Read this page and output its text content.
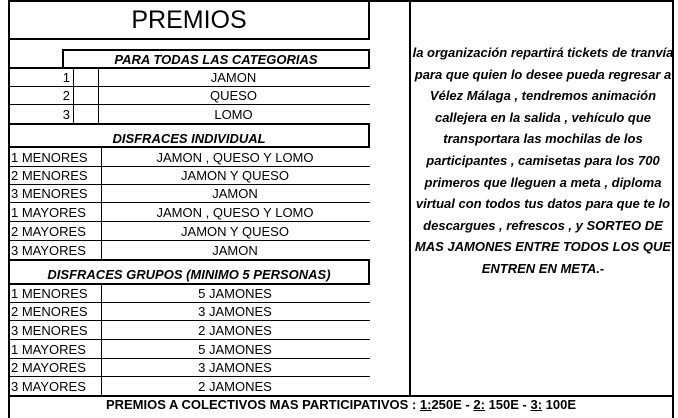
PREMIOS
PARA TODAS LAS CATEGORIAS
1	JAMON
2	QUESO
3	LOMO
DISFRACES INDIVIDUAL
1 MENORES	JAMON , QUESO Y LOMO
2 MENORES	JAMON Y QUESO
3 MENORES	JAMON
1 MAYORES	JAMON , QUESO Y LOMO
2 MAYORES	JAMON Y QUESO
3 MAYORES	JAMON
DISFRACES GRUPOS (MINIMO 5 PERSONAS)
1 MENORES	5 JAMONES
2 MENORES	3 JAMONES
3 MENORES	2 JAMONES
1 MAYORES	5 JAMONES
2 MAYORES	3 JAMONES
3 MAYORES	2 JAMONES
la organización repartirá tickets de tranvía para que quien lo desee pueda regresar a Vélez Málaga , tendremos animación callejera en la salida , vehículo que transportara las mochilas de los participantes , camisetas para los 700 primeros que lleguen a meta , diploma virtual con todos tus datos para que te lo descargues , refrescos , y SORTEO DE MAS JAMONES ENTRE TODOS LOS QUE ENTREN EN META.-
PREMIOS A COLECTIVOS MAS PARTICIPATIVOS : 1: 250E - 2: 150E - 3: 100E
